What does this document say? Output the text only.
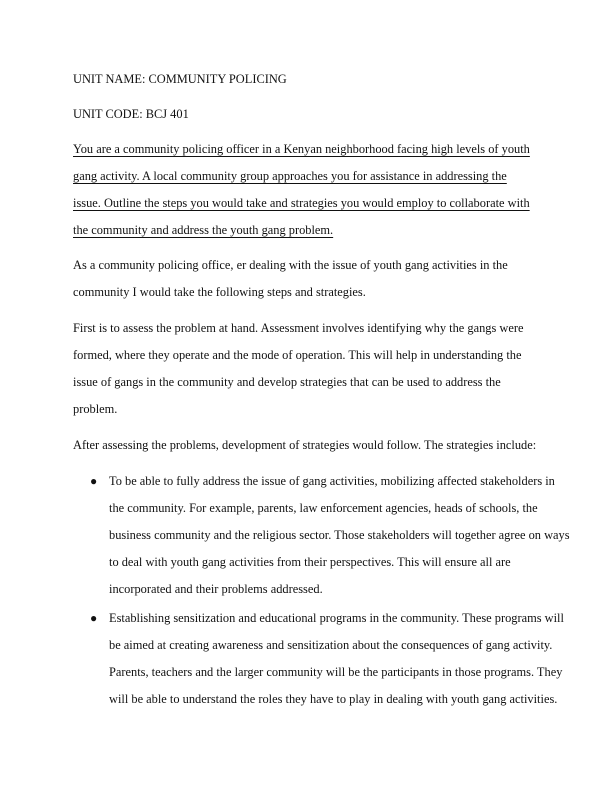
UNIT NAME: COMMUNITY POLICING

UNIT CODE: BCJ 401

You are a community policing officer in a Kenyan neighborhood facing high levels of youth gang activity. A local community group approaches you for assistance in addressing the issue. Outline the steps you would take and strategies you would employ to collaborate with the community and address the youth gang problem.

As a community policing office, er dealing with the issue of youth gang activities in the community I would take the following steps and strategies.

First is to assess the problem at hand. Assessment involves identifying why the gangs were formed, where they operate and the mode of operation. This will help in understanding the issue of gangs in the community and develop strategies that can be used to address the problem.

After assessing the problems, development of strategies would follow. The strategies include:

● To be able to fully address the issue of gang activities, mobilizing affected stakeholders in the community. For example, parents, law enforcement agencies, heads of schools, the business community and the religious sector. Those stakeholders will together agree on ways to deal with youth gang activities from their perspectives. This will ensure all are incorporated and their problems addressed.
● Establishing sensitization and educational programs in the community. These programs will be aimed at creating awareness and sensitization about the consequences of gang activity. Parents, teachers and the larger community will be the participants in those programs. They will be able to understand the roles they have to play in dealing with youth gang activities.
